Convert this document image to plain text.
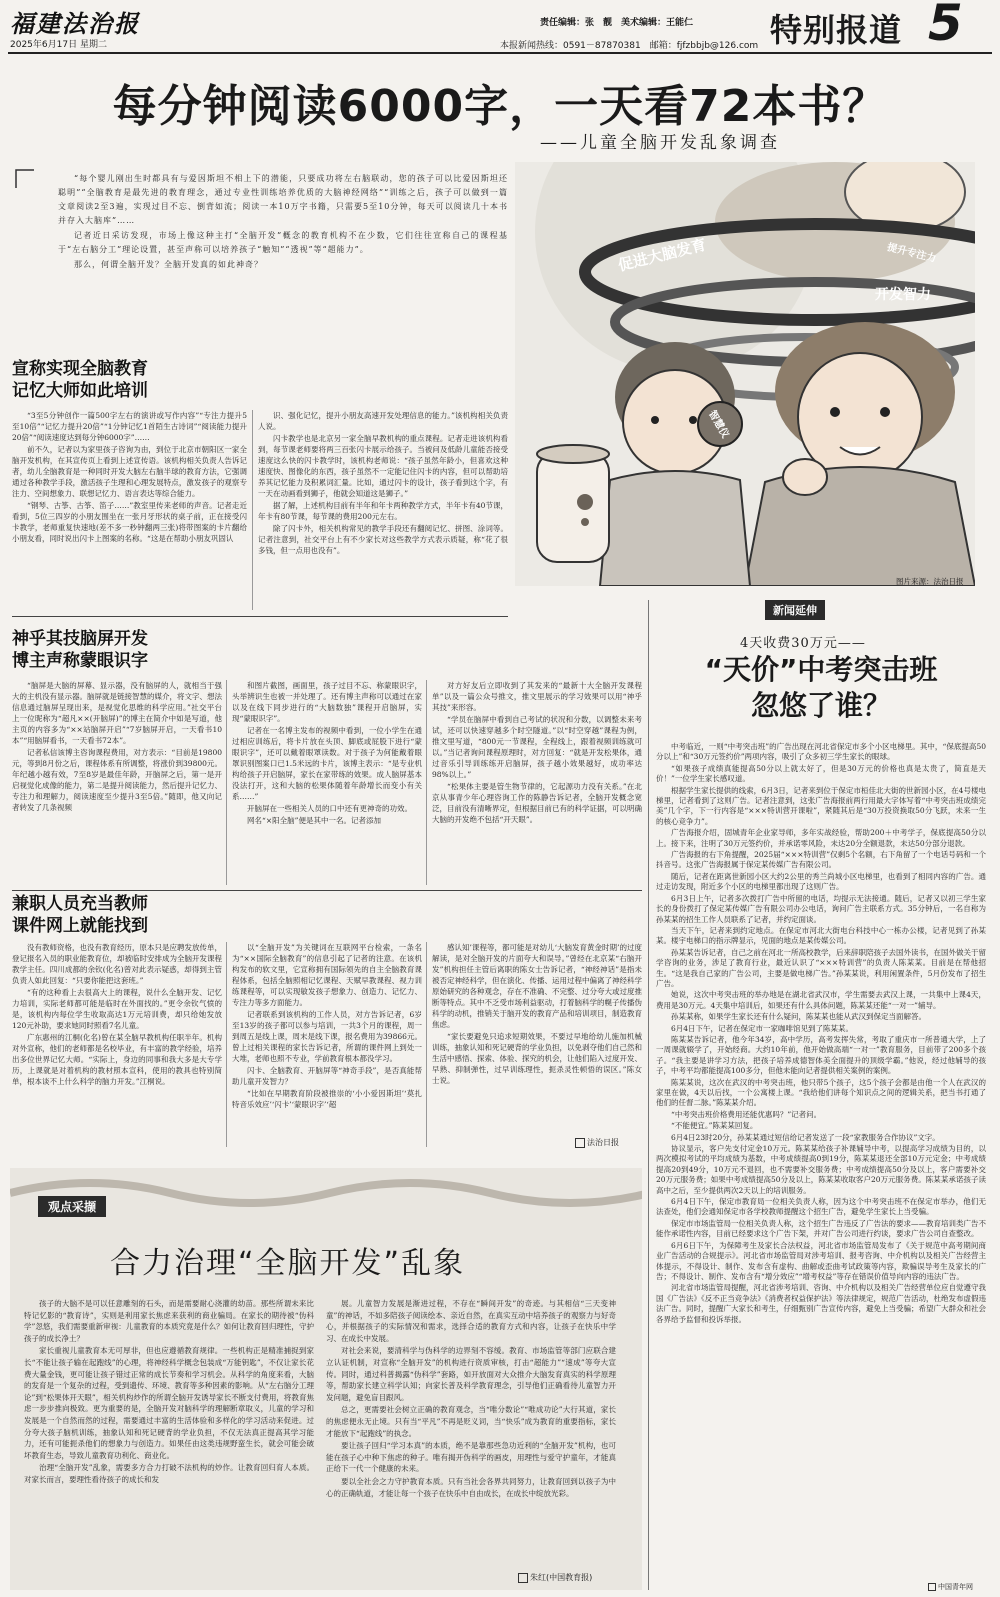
福建法治报
2025年6月17日 星期二
责任编辑：张　靓　美术编辑：王能仁
本报新闻热线：0591－87870381　邮箱：fjfzbbjb@126.com 特别报道 5
每分钟阅读6000字，一天看72本书？
——儿童全脑开发乱象调查

“每个婴儿刚出生时都具有与爱因斯坦不相上下的潜能，只要成功将左右脑联动，您的孩子可以比爱因斯坦还聪明”“全脑教育是最先进的教育理念，通过专业性训练培养优质的大脑神经网络”“训练之后，孩子可以做到一篇文章阅读2至3遍，实现过目不忘、倒背如流；阅读一本10万字书籍，只需要5至10分钟，每天可以阅读几十本书并存入大脑库”……

记者近日采访发现，市场上像这种主打“全脑开发”概念的教育机构不在少数，它们往往宣称自己的课程基于“左右脑分工”理论设置，甚至声称可以培养孩子“触知”“透视”等“超能力”。

那么，何谓全脑开发？全脑开发真的如此神奇？	促进大脑发育	提升专注力
开发智力
智慧仪
图片来源：法治日报
宣称实现全脑教育
记忆大师如此培训

“3至5分钟创作一篇500字左右的演讲或写作内容”“专注力提升5至10倍”“记忆力提升20倍”“1分钟记忆1首陌生古诗词”“阅读能力提升20倍”“阅读速度达到每分钟6000字”……

前不久，记者以为家里孩子咨询为由，到位于北京市朝阳区一家全脑开发机构，在其宣传页上看到上述宣传语。该机构相关负责人告诉记者，幼儿全脑教育是一种同时开发大脑左右脑半球的教育方法，它强调通过各种教学手段，激活孩子生理和心理发展特点，激发孩子的观察专注力、空间想象力、联想记忆力、语言表达等综合能力。

“钢琴、古筝、古筝、笛子……”教室里传来老师的声音。记者走近看到，5位三四岁的小朋友围坐在一张月牙形状的桌子前，正在接受闪卡教学，老师重复快速地(差不多一秒钟翻两三张)将带图案的卡片翻给小朋友看，同时说出闪卡上图案的名称。“这是在帮助小朋友巩固认

识、强化记忆，提升小朋友高速开发处理信息的能力。”该机构相关负责人说。

闪卡教学也是北京另一家全脑早教机构的重点课程。记者走进该机构看到，每节课老师要将两三百张闪卡展示给孩子。当被问及低龄儿童能否接受速度这么快的闪卡教学时，该机构老师说：“孩子虽然年龄小，但喜欢这种速度快、图像化的东西，孩子虽然不一定能记住闪卡的内容，但可以帮助培养其记忆能力及积累词汇量。比如，通过闪卡的设计，孩子看到这个字，有一天在动画看到狮子，他就会知道这是狮子。”

据了解，上述机构目前有半年和年卡两种教学方式，半年卡有40节课，年卡有80节课，每节课的费用200元左右。

除了闪卡外，相关机构常见的教学手段还有翻阅记忆、拼图、涂词等。记者注意到，社交平台上有不少家长对这些教学方式表示质疑，称“花了很多钱，但一点用也没有”。

神乎其技脑屏开发
博主声称蒙眼识字

“脑屏是大脑的屏幕、显示器，没有脑屏的人，就相当于强大的主机没有显示器。脑屏就是链接智慧的媒介，将文字、想法信息通过脑屏呈现出来，是视觉化思维的科学应用。”社交平台上一位昵称为“超凡××(开脑屏)”的博主在简介中如是写道，他主页的内容多为“××站脑屏开启”“7岁脑屏开启，一天看书10本”“用脑屏看书，一天看书72本”。

记者私信该博主咨询课程费用，对方表示：“目前是19800元，等到8月份之后，课程体系有所调整，将涨价到39800元。年纪越小越有效，7至8岁是最佳年龄，开脑屏之后，第一是开启视觉化成像的能力，第二是提升阅读能力，然后提升记忆力、专注力和理解力，阅读速度至少提升3至5倍。”随即，他又向记者转发了几条视频

和图片截图，画面里，孩子过目不忘、称蒙眼识字，头举辨识生也被一并处理了。还有博主声称可以通过在家以及在线下同步进行的“大脑数独”课程开启脑屏，实现“蒙眼识字”。

记者在一名博主发布的视频中看到，一位小学生在通过相应训练后，将卡片放在头顶、脚底或屁股下进行“蒙眼识字”，还可以戴着眼罩读数。对于孩子为何能戴着眼罩识别图案口已1.5米远的卡片，该博主表示：“是专业机构给孩子开启脑屏，家长在家带练的效果。成人脑屏基本没法打开，这和大脑的松果体随着年龄增长而变小有关系……”

开脑屏在一些相关人员的口中还有更神奇的功效。

网名“×阳全脑”便是其中一名。记者添加

对方好友后立即收到了其发来的“最新十大全脑开发课程单”以及一篇公众号推文，推文里展示的学习效果可以用“神乎其技”来形容。

“学员在脑屏中看到自己考试的状况和分数，以调整未来考试，还可以快速穿越多个时空隧道。”以“时空穿越”课程为例，推文里写道，“800元一节课程，全程线上，跟着视频训练就可以。”当记者询问课程原理时，对方回复：“就是开发松果体，通过音乐引导训练练开启脑屏，孩子越小效果越好，成功率达98%以上。”

“松果体主要是管生物节律的，它起源功力没有关系。”在北京从事青少年心理咨询工作的陈静告诉记者，全脑开发概念宽泛，目前没有清晰界定，但根据目前已有的科学证据，可以明确大脑的开发绝不包括“开天眼”。

兼职人员充当教师
课件网上就能找到

没有教师资格，也没有教育经历，原本只是应聘发放传单，登记报名入员的职业能教育位，却被临时安排成为全脑开发课程教学主任。四川成都的余钦(化名)曾对此表示疑惑，却得到主管负责人如此回复：“只要你能把这套班。”

“有的这种看上去很高大上的课程，说什么全脑开发、记忆力培训，实际老师都可能是临时在外面找的。”更令余钦气愤的是，该机构内每位学生收取高达1万元培训费，却只给她发放120元补助，要求她同时照看7名儿童。

广东惠州的江桐(化名)曾在某全脑早教机构任职半年。机构对外宣称，他们的老师都是名校毕业，有丰富的教学经验，培养出多位世界记忆大师。“实际上，身边的同事和我大多是大专学历，上课就是对着机构的教材照本宣科，使用的教具也特别简单，根本谈不上什么科学的脑力开发。”江桐说。

以“全脑开发”为关键词在互联网平台检索，一条名为“××国际全脑教育”的信息引起了记者的注意。在该机构发布的软文里，它宣称拥有国际领先的自主全脑教育课程体系，包括全脑照相记忆课程、天赋早教课程、视力训练课程等，可以实现敏发孩子想象力、创造力、记忆力、专注力等多方面能力。

记者联系到该机构的工作人员，对方告诉记者，6岁至13岁的孩子都可以参与培训，一共3个月的课程，周一到周五是线上课，周末是线下课，报名费用为39866元。曾上过相关课程的家长告诉记者，所谓的课件网上到处一大堆，老师也照不专业，学前教育根本都没学习。

闪卡、全脑教育、开脑屏等“神奇手段”，是否真能帮助儿童开发智力？

“比如在早期教育阶段被推崇的‘小小爱因斯坦’‘莫扎特音乐效应’‘闪卡’‘蒙眼识字’‘超

感认知’课程等，都可能是对幼儿‘大脑发育黄金时期’的过度解读，是对全脑开发的片面夸大和误导。”曾经在北京某“右脑开发”机构担任主管后离职的陈女士告诉记者，“神经神话”是指未被否定神经科学，但在演化、传播、运用过程中偏离了神经科学原始研究的各种观念，存在不准确、不完整、过分夸大或过度推断等特点。其中不乏受市场利益驱动，打着脑科学的幌子传播伪科学的动机，推销关于脑开发的教育产品和培训项目，制造教育焦虑。

“家长要避免只追求短期效果，不要过早地给幼儿施加机械训练，抽象认知和死记硬背的学业负担，以免剥夺他们自己然和生活中感悟、探索、体验、探究的机会，让他们陷入过度开发、早熟、抑制弹性，过早训练理性，扼杀灵性顿悟的误区。”陈女士说。

法治日报
新闻延伸
4天收费30万元——
“天价”中考突击班
忽悠了谁？

中考临近，一则“中考突击班”的广告出现在河北省保定市多个小区电梯里。其中，“保底提高50分以上”和“30万元签约价”两项内容，吸引了众多初三学生家长的眼球。

“如果孩子成绩真能提高50分以上就太好了，但是30万元的价格也真是太贵了，简直是天价！”一位学生家长感叹道。

根据学生家长提供的线索，6月3日，记者来到位于保定市桓佳北大街的世新园小区，在4号楼电梯里，记者看到了这则广告。记者注意到，这张广告海报前两行用最大字体写着“中考突击班成绩完美”几个字，下一行内容是“×××特训营开课啦”，紧随其后是“30万投资换取50分飞跃，未来一生的核心竞争力”。

广告海报介绍，固城青年企业家导师，多年实战经验，帮助200＋中考学子，保底提高50分以上。接下来，注明了30万元签约价，并承诺零风险，未达20分全额退款，未达50分部分退款。

广告海报的右下角提醒，2025届“×××特训营”仅剩5个名额，右下角留了一个电话号码和一个抖音号。这张广告海报属于保定某传媒广告有限公司。

随后，记者在距离世新园小区大约2公里的秀兰尚城小区电梯里，也看到了相同内容的广告。通过走访发现，附近多个小区的电梯里都出现了这则广告。

6月3日上午，记者多次拨打广告中所留的电话，均提示无法接通。随后，记者又以初三学生家长的身份拨打了保定某传媒广告有限公司办公电话，询问广告主联系方式。35分钟后，一名自称为孙某某的招生工作人员联系了记者，并约定面谈。

当天下午，记者来到约定地点。在保定市河北大街电台科技中心一栋办公楼，记者见到了孙某某。楼宇电梯口的指示牌显示，见面的地点是某传媒公司。

孙某某告诉记者，自己之前在河北一所高校教学，后来辞职陪孩子去国外读书，在国外做关于留学咨询的业务，涉足了教育行业，最近认识了“×××特训营”的负责人陈某某。目前是在帮他招生。“这是我自己家的广告公司，主要是做电梯广告。”孙某某说，利用闲置条件，5月份发布了招生广告。

她说，这次中考突击班的举办地是在湖北省武汉市，学生需要去武汉上课，一共集中上课4天，费用是30万元。4天集中培训后，如果还有什么具体问题，陈某某还能“一对一”辅导。

孙某某称，如果学生家长还有什么疑问，陈某某也能从武汉到保定当面解答。

6月4日下午，记者在保定市一家咖啡馆见到了陈某某。

陈某某告诉记者，他今年34岁，高中学历，高考发挥失常，考取了重庆市一所普通大学，上了一周课就辍学了，开始经商。大约10年前，他开始做高端“一对一”教育服务，目前带了200多个孩子。“我主要是讲学习方法，把孩子培养成德智体美全面提升的顶级学霸。”他说，经过他辅导的孩子，中考平均都能提高100多分，但他未能向记者提供相关案例的案例。

陈某某说，这次在武汉的中考突击班，他只带5个孩子，这5个孩子会都是由他一个人在武汉的家里在做，4天以后找，一个公寓楼上课。“我给他们讲每个知识点之间的逻辑关系，把当书打通了他们的任督二脉。”陈某某介绍。

“中考突击班价格费用还能优惠吗？”记者问。

“不能便宜。”陈某某回复。

6月4日23时20分，孙某某通过短信给记者发送了一段“家教服务合作协议”文字。

协议显示，客户先支付定金10万元。陈某某给孩子补课辅导中考，以提高学习成绩为目的，以两次模拟考试的平均成绩为基数，中考成绩提高0到19分，陈某某退还全部10万元定金；中考成绩提高20到49分，10万元不退回，也不需要补交服务费；中考成绩提高50分及以上，客户需要补交20万元服务费；如果中考成绩提高50分及以上，陈某某收取客户20万元服务费。陈某某承诺孩子读高中之后，至少提供两次2天以上的培训服务。

6月4日下午，保定市教育局一位相关负责人称，因为这个中考突击班不在保定市举办，他们无法查处，他们会通知保定市各学校教师提醒这个招生广告，避免学生家长上当受骗。

保定市市场监管局一位相关负责人称，这个招生广告违反了广告法的要求——教育培训类广告不能作承诺性内容，目前已经要求这个广告下架，并对广告公司进行约谈，要求广告公司自查整改。

6月6日下午，为保障考生及家长合法权益，河北省市场监管局发布了《关于规范中高考期间商业广告活动的合规提示》。河北省市场监管局对涉考培训、报考咨询、中介机构以及相关广告经营主体提示，不得设计、制作、发布含有虚构、曲解或歪曲考试政策等内容，欺骗误导考生及家长的广告；不得设计、制作、发布含有“增分效应”“增考权益”等存在错误价值导向内容的违法广告。

河北省市场监管局提醒，河北省涉考培训、咨询、中介机构以及相关广告经营单位应自觉遵守我国《广告法》《反不正当竞争法》《消费者权益保护法》等法律规定，规范广告活动，杜绝发布虚假违法广告。同时，提醒广大家长和考生，仔细甄别广告宣传内容，避免上当受骗；希望广大群众和社会各界给予监督和投诉举报。

中国青年网
观点采撷
合力治理“全脑开发”乱象

孩子的大脑不是可以任意雕刻的石头，而是需要耐心浇灌的幼苗。那些所谓未来比特记忆影的“教育诗”，实则是利用家长焦虑来获利的商业骗局。在家长的期待被“伪科学”忽悠，我们需要重新审视：儿童教育的本质究竟是什么？如何让教育回归理性，守护孩子的成长净土？

家长重视儿童教育本无可厚非，但也应遵循教育规律。一些机构正是精准捕捉到家长“不能让孩子输在起跑线”的心理，将神经科学概念包装成“万能钥匙”，不仅让家长花费大量金钱，更可能让孩子错过正常的成长节奏和学习机会。从科学的角度来看，大脑的发育是一个复杂的过程，受到遗传、环境、教育等多种因素的影响。从“左右脑分工理论”到“松果体开天眼”，相关机构炒作的所谓全脑开发诱导家长不断支付费用，将教育焦虑一步步推向极致。更为重要的是，全脑开发对脑科学的理解断章取义，儿童的学习和发展是一个自然而然的过程，需要通过丰富的生活体验和多样化的学习活动来促进。过分夸大孩子脑机训练，抽象认知和死记硬背的学业负担，不仅无法真正提高其学习能力，还有可能扼杀他们的想象力与创造力。如果任由这类违规野蛮生长，就会可能会破坏教育生态，导致儿童教育功利化、商业化。

治理“全脑开发”乱象，需要多方合力打破不法机构的炒作。让教育回归育人本质。对家长而言，要理性看待孩子的成长和发

展。儿童智力发展是渐进过程，不存在“瞬间开发”的奇迹。与其相信“三天变神童”的神话，不如多陪孩子阅读绘本、亲近自然，在真实互动中培养孩子的观察力与好奇心，并根据孩子的实际情况和需求，选择合适的教育方式和内容，让孩子在快乐中学习、在成长中发展。

对社会来说，要清科学与伪科学的边界刻不容缓。教育、市场监管等部门应联合建立认证机制，对宣称“全脑开发”的机构进行资质审核，打击“超能力”“速成”等夸大宣传。同时，通过科普揭露“伪科学”套路，如开放面对大众推介大脑发育真实的科学原理等，帮助家长建立科学认知；向家长普及科学教育理念，引导他们正确看待儿童智力开发问题，避免盲目跟风。

总之，更需要社会树立正确的教育观念，当“唯分数论”“唯成功论”大行其道，家长的焦虑便永无止境。只有当“平凡”不再是贬义词，当“快乐”成为教育的重要指标，家长才能放下“起跑线”的执念。

要让孩子回归“学习本真”的本质，绝不是靠那些急功近利的“全脑开发”机构，也可能在孩子心中种下焦虑的种子。唯有揭开伪科学的画皮，用理性与爱守护童年，才能真正给下一代一个健康的未来。

要以全社会之力守护教育本质。只有当社会各界共同努力，让教育回到以孩子为中心的正确轨道，才能让每一个孩子在快乐中自由成长，在成长中绽放光彩。

朱红(中国教育报)
